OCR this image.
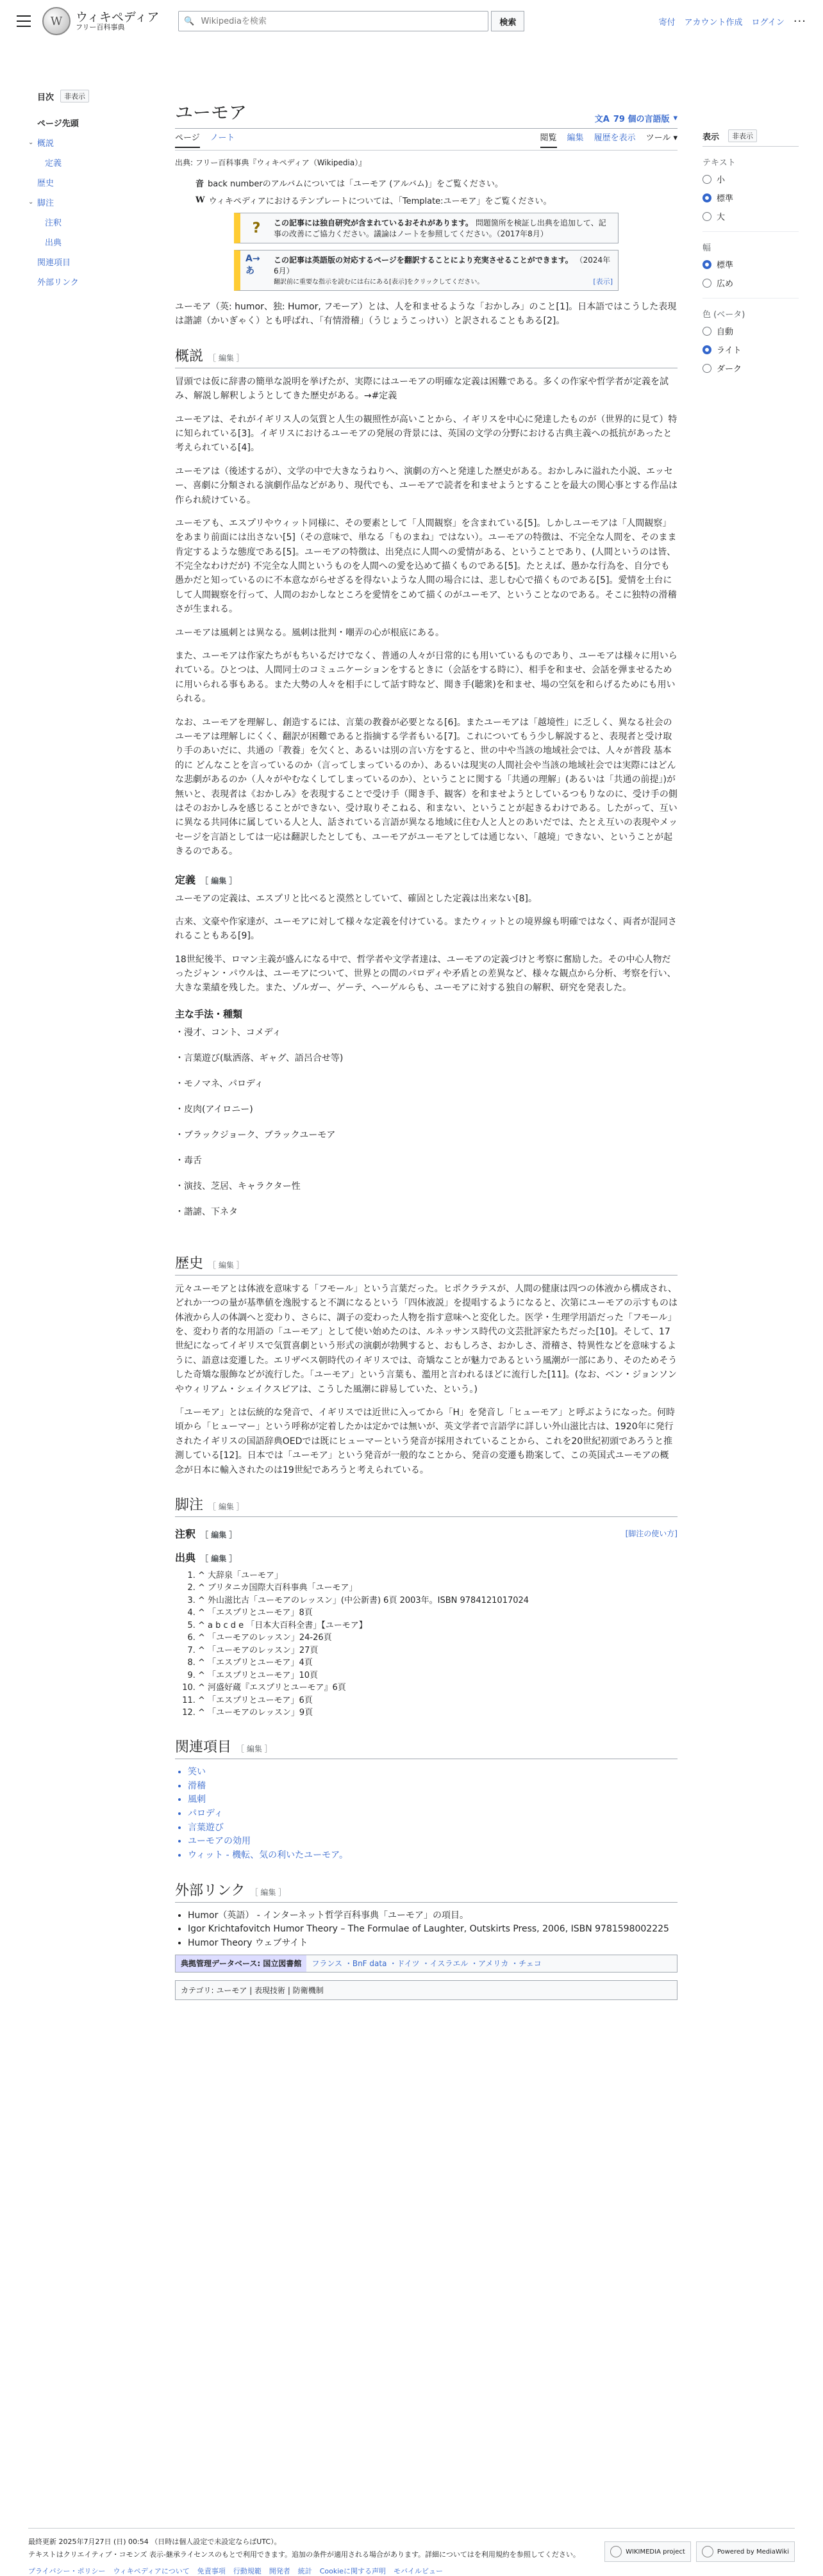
W	ウィキペディア
フリー百科事典
🔍
Wikipediaを検索	検索	寄付 アカウント作成 ログイン ···
目次	非表示
ページ先頭
⌄ 概説
定義
歴史
⌄ 脚注
注釈
出典
関連項目
外部リンク
ユーモア	文A 79 個の言語版 ▾
ページ ノート	閲覧 編集 履歴を表示 ツール ▾
出典: フリー百科事典『ウィキペディア（Wikipedia）』
音 back numberのアルバムについては「ユーモア (アルバム)」をご覧ください。
W ウィキペディアにおけるテンプレートについては、「Template:ユーモア」をご覧ください。
?	この記事には独自研究が含まれているおそれがあります。 問題箇所を検証し出典を追加して、記事の改善にご協力ください。議論はノートを参照してください。（2017年8月）
A→あ
この記事は英語版の対応するページを翻訳することにより充実させることができます。 （2024年6月）
翻訳前に重要な指示を読むには右にある[表示]をクリックしてください。	[表示]

ユーモア（英: humor、独: Humor, フモーア）とは、人を和ませるような「おかしみ」のこと[1]。日本語ではこうした表現は諧謔（かいぎゃく）とも呼ばれ、「有情滑稽」（うじょうこっけい）と訳されることもある[2]。

概説 ［ 編集 ］

冒頭では仮に辞書の簡単な説明を挙げたが、実際にはユーモアの明確な定義は困難である。多くの作家や哲学者が定義を試み、解説し解釈しようとしてきた歴史がある。→#定義

ユーモアは、それがイギリス人の気質と人生の観照性が高いことから、イギリスを中心に発達したものが（世界的に見て）特に知られている[3]。イギリスにおけるユーモアの発展の背景には、英国の文学の分野における古典主義への抵抗があったと考えられている[4]。

ユーモアは（後述するが）、文学の中で大きなうねりへ、演劇の方へと発達した歴史がある。おかしみに溢れた小説、エッセー、喜劇に分類される演劇作品などがあり、現代でも、ユーモアで読者を和ませようとすることを最大の関心事とする作品は作られ続けている。

ユーモアも、エスプリやウィット同様に、その要素として「人間観察」を含まれている[5]。しかしユーモアは「人間観察」をあまり前面には出さない[5]（その意味で、単なる「ものまね」ではない）。ユーモアの特徴は、不完全な人間を、そのまま肯定するような態度である[5]。ユーモアの特徴は、出発点に人間への愛情がある、ということであり、(人間というのは皆、不完全なわけだが) 不完全な人間というものを人間への愛を込めて描くものである[5]。たとえば、愚かな行為を、自分でも愚かだと知っているのに不本意ながらせざるを得ないような人間の場合には、悲しむ心で描くものである[5]。愛情を土台にして人間観察を行って、人間のおかしなところを愛情をこめて描くのがユーモア、ということなのである。そこに独特の滑稽さが生まれる。

ユーモアは風刺とは異なる。風刺は批判・嘲弄の心が根底にある。

また、ユーモアは作家たちがもちいるだけでなく、普通の人々が日常的にも用いているものであり、ユーモアは様々に用いられている。ひとつは、人間同士のコミュニケーションをするときに（会話をする時に）、相手を和ませ、会話を弾ませるために用いられる事もある。また大勢の人々を相手にして話す時など、聞き手(聴衆)を和ませ、場の空気を和らげるためにも用いられる。

なお、ユーモアを理解し、創造するには、言葉の教養が必要となる[6]。またユーモアは「越境性」に乏しく、異なる社会のユーモアは理解しにくく、翻訳が困難であると指摘する学者もいる[7]。これについてもう少し解説すると、表現者と受け取り手のあいだに、共通の「教養」を欠くと、あるいは別の言い方をすると、世の中や当該の地域社会では、人々が普段 基本的に どんなことを言っているのか（言ってしまっているのか）、あるいは現実の人間社会や当該の地域社会では実際にはどんな悲劇があるのか（人々がやむなくしてしまっているのか）、ということに関する「共通の理解」(あるいは「共通の前提」)が無いと、表現者は《おかしみ》を表現することで受け手（聞き手、観客）を和ませようとしているつもりなのに、受け手の側はそのおかしみを感じることができない、受け取りそこねる、和まない、ということが起きるわけである。したがって、互いに異なる共同体に属している人と人、話されている言語が異なる地域に住む人と人とのあいだでは、たとえ互いの表現やメッセージを言語としては一応は翻訳したとしても、ユーモアがユーモアとしては通じない、「越境」できない、ということが起きるのである。

定義 ［ 編集 ］

ユーモアの定義は、エスプリと比べると漠然としていて、確固とした定義は出来ない[8]。

古来、文豪や作家達が、ユーモアに対して様々な定義を付けている。またウィットとの境界線も明確ではなく、両者が混同されることもある[9]。

18世紀後半、ロマン主義が盛んになる中で、哲学者や文学者達は、ユーモアの定義づけと考察に奮励した。その中心人物だったジャン・パウルは、ユーモアについて、世界との間のパロディや矛盾との差異など、様々な観点から分析、考察を行い、大きな業績を残した。また、ゾルガー、ゲーテ、ヘーゲルらも、ユーモアに対する独自の解釈、研究を発表した。

主な手法・種類
・ 漫才、コント、コメディ
・ 言葉遊び(駄洒落、ギャグ、語呂合せ等)
・ モノマネ、パロディ
・ 皮肉(アイロニー)
・ ブラックジョーク、ブラックユーモア
・ 毒舌
・ 演技、芝居、キャラクター性
・ 諧謔、下ネタ
歴史 ［ 編集 ］

元々ユーモアとは体液を意味する「フモール」という言葉だった。ヒポクラテスが、人間の健康は四つの体液から構成され、どれか一つの量が基準値を逸脱すると不調になるという「四体液説」を提唱するようになると、次第にユーモアの示すものは体液から人の体調へと変わり、さらに、調子の変わった人物を指す意味へと変化した。医学・生理学用語だった「フモール」を、変わり者的な用語の「ユーモア」として使い始めたのは、ルネッサンス時代の文芸批評家たちだった[10]。そして、17世紀になってイギリスで気質喜劇という形式の演劇が勃興すると、おもしろさ、おかしさ、滑稽さ、特異性などを意味するように、語意は変遷した。エリザベス朝時代のイギリスでは、奇矯なことが魅力であるという風潮が一部にあり、そのためそうした奇矯な服飾などが流行した。「ユーモア」という言葉も、濫用と言われるほどに流行した[11]。(なお、ベン・ジョンソンやウィリアム・シェイクスピアは、こうした風潮に辟易していた、という。)

「ユーモア」とは伝統的な発音で、イギリスでは近世に入ってから「H」を発音し「ヒューモア」と呼ぶようになった。何時頃から「ヒューマー」という呼称が定着したかは定かでは無いが、英文学者で言語学に詳しい外山滋比古は、1920年に発行されたイギリスの国語辞典OEDでは既にヒューマーという発音が採用されていることから、これを20世紀初頭であろうと推測している[12]。日本では「ユーモア」という発音が一般的なことから、発音の変遷も勘案して、この英国式ユーモアの概念が日本に輸入されたのは19世紀であろうと考えられている。

脚注 ［ 編集 ］
注釈 ［ 編集 ］	[脚注の使い方]
出典 ［ 編集 ］
1. ^ 大辞泉「ユーモア」
2. ^ ブリタニカ国際大百科事典「ユーモア」
3. ^ 外山滋比古「ユーモアのレッスン」(中公新書) 6頁 2003年。ISBN 9784121017024
4. ^ 「エスプリとユーモア」8頁
5. ^ a b c d e 「日本大百科全書」【ユーモア】
6. ^ 「ユーモアのレッスン」24-26頁
7. ^ 「ユーモアのレッスン」27頁
8. ^ 「エスプリとユーモア」4頁
9. ^ 「エスプリとユーモア」10頁
10. ^ 河盛好蔵『エスプリとユーモア』6頁
11. ^ 「エスプリとユーモア」6頁
12. ^ 「ユーモアのレッスン」9頁
関連項目 ［ 編集 ］
• 笑い
• 滑稽
• 風刺
• パロディ
• 言葉遊び
• ユーモアの効用
• ウィット - 機転、気の利いたユーモア。
外部リンク ［ 編集 ］
• Humor（英語） - インターネット哲学百科事典「ユーモア」の項目。
• Igor Krichtafovitch Humor Theory – The Formulae of Laughter, Outskirts Press, 2006, ISBN 9781598002225
• Humor Theory ウェブサイト
典拠管理データベース: 国立図書館	フランス ・BnF data ・ドイツ ・イスラエル ・アメリカ ・チェコ
カテゴリ: ユーモア | 表現技術 | 防衛機制
表示	非表示
テキスト
小
標準
大
幅
標準
広め
色 (ベータ)
自動
ライト
ダーク
最終更新 2025年7月27日 (日) 00:54 （日時は個人設定で未設定ならばUTC）。
テキストはクリエイティブ・コモンズ 表示-継承ライセンスのもとで利用できます。追加の条件が適用される場合があります。詳細についてはを利用規約を参照してください。
プライバシー・ポリシー ウィキペディアについて 免責事項 行動規範 開発者 統計 Cookieに関する声明 モバイルビュー
WIKIMEDIA project	Powered by MediaWiki
